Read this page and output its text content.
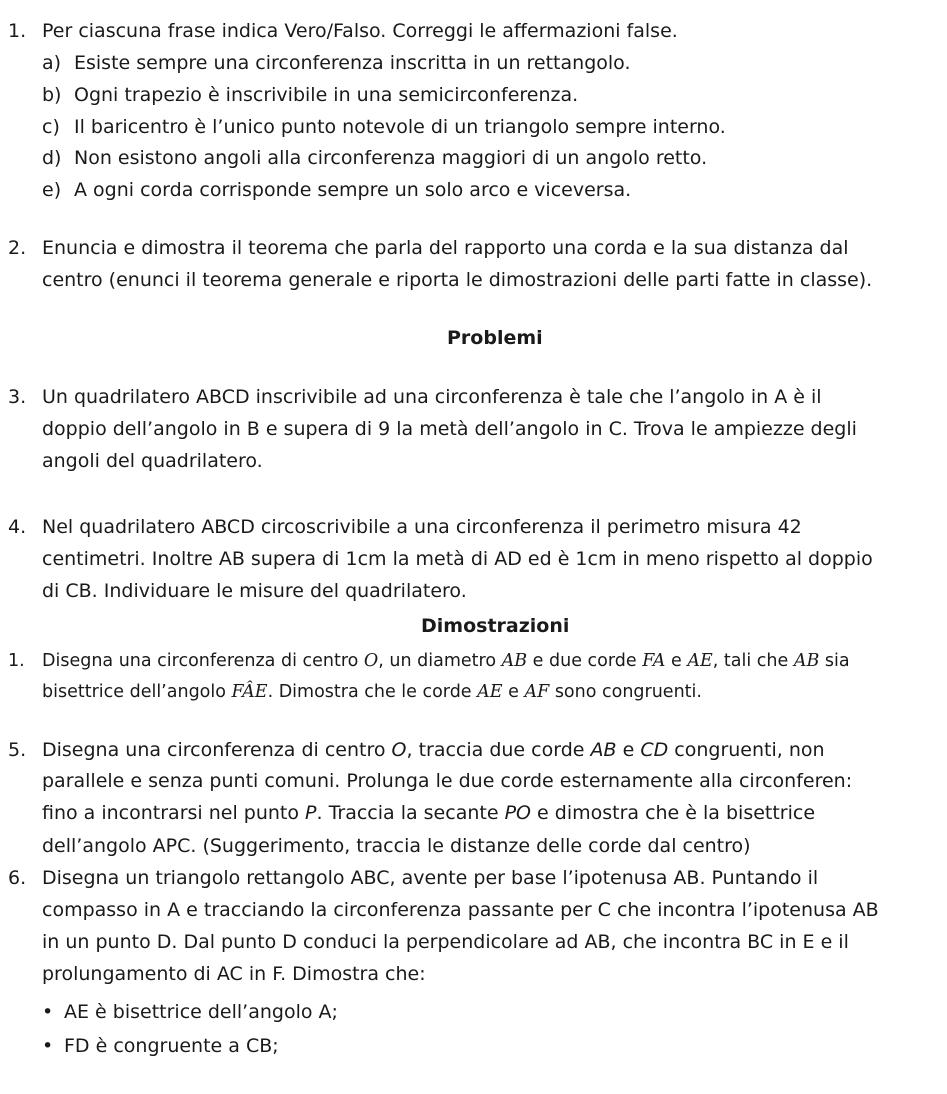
1. Per ciascuna frase indica Vero/Falso. Correggi le affermazioni false.
a) Esiste sempre una circonferenza inscritta in un rettangolo.
b) Ogni trapezio è inscrivibile in una semicirconferenza.
c) Il baricentro è l’unico punto notevole di un triangolo sempre interno.
d) Non esistono angoli alla circonferenza maggiori di un angolo retto.
e) A ogni corda corrisponde sempre un solo arco e viceversa.
2. Enuncia e dimostra il teorema che parla del rapporto una corda e la sua distanza dal
centro (enunci il teorema generale e riporta le dimostrazioni delle parti fatte in classe).
Problemi
3. Un quadrilatero ABCD inscrivibile ad una circonferenza è tale che l’angolo in A è il
doppio dell’angolo in B e supera di 9 la metà dell’angolo in C. Trova le ampiezze degli
angoli del quadrilatero.
4. Nel quadrilatero ABCD circoscrivibile a una circonferenza il perimetro misura 42
centimetri. Inoltre AB supera di 1cm la metà di AD ed è 1cm in meno rispetto al doppio
di CB. Individuare le misure del quadrilatero.
Dimostrazioni
1. Disegna una circonferenza di centro O, un diametro AB e due corde FA e AE, tali che AB sia
bisettrice dell’angolo FÂE. Dimostra che le corde AE e AF sono congruenti.
5. Disegna una circonferenza di centro O, traccia due corde AB e CD congruenti, non
parallele e senza punti comuni. Prolunga le due corde esternamente alla circonferen:
fino a incontrarsi nel punto P. Traccia la secante PO e dimostra che è la bisettrice
dell’angolo APC. (Suggerimento, traccia le distanze delle corde dal centro)
6. Disegna un triangolo rettangolo ABC, avente per base l’ipotenusa AB. Puntando il
compasso in A e tracciando la circonferenza passante per C che incontra l’ipotenusa AB
in un punto D. Dal punto D conduci la perpendicolare ad AB, che incontra BC in E e il
prolungamento di AC in F. Dimostra che:
• AE è bisettrice dell’angolo A;
• FD è congruente a CB;
